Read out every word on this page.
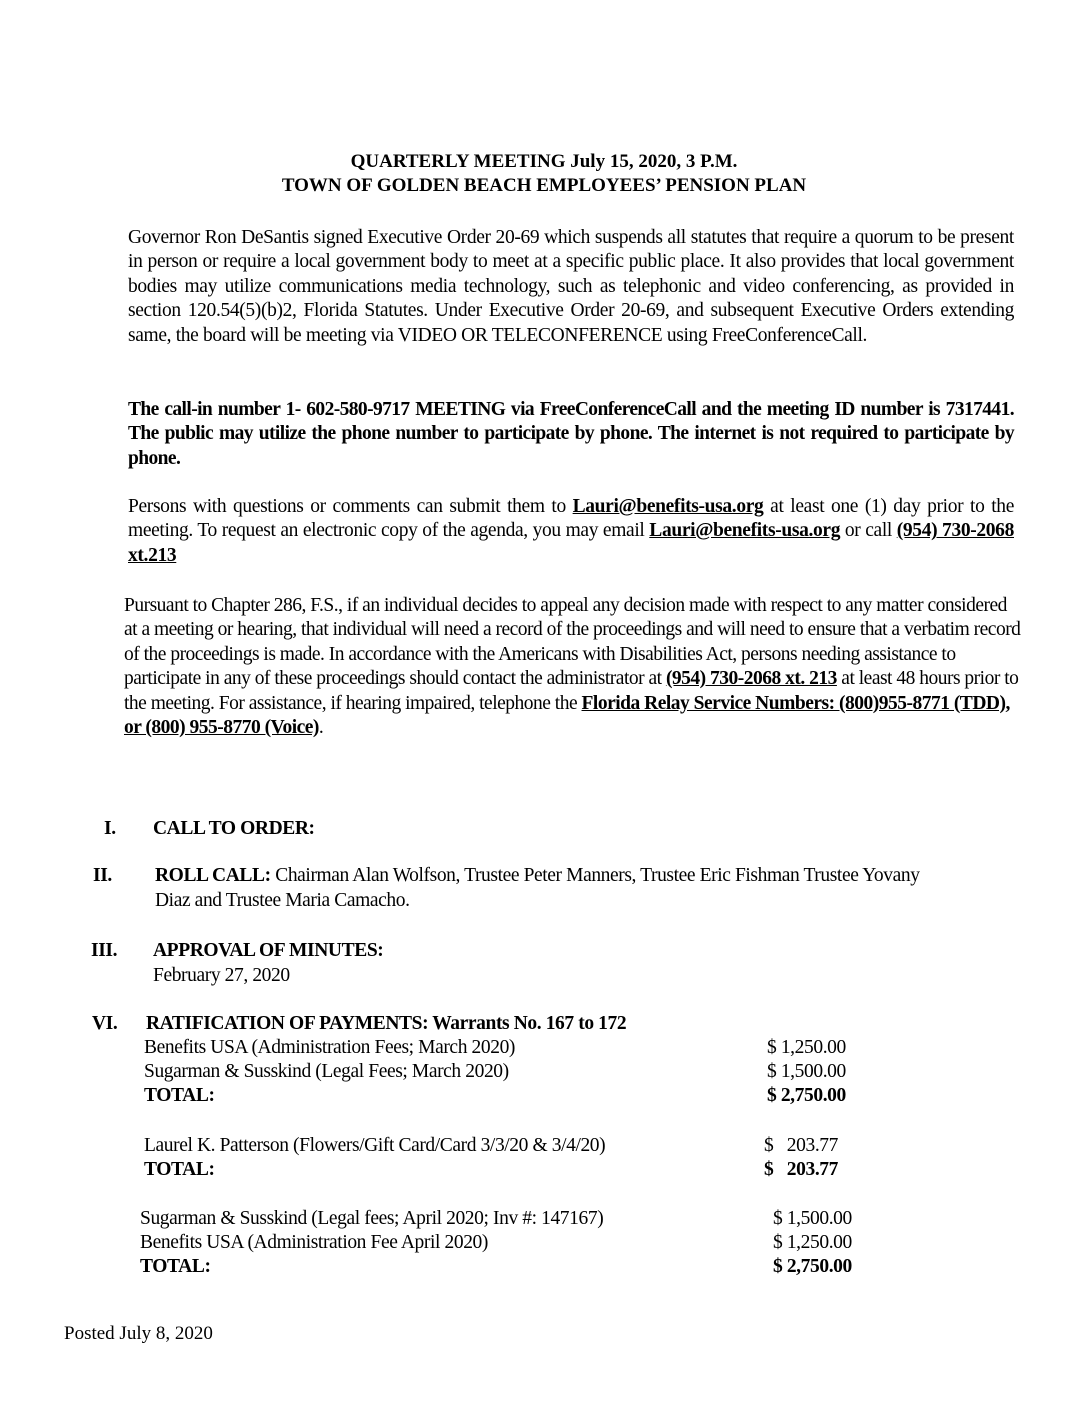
QUARTERLY MEETING July 15, 2020, 3 P.M.
TOWN OF GOLDEN BEACH EMPLOYEES’ PENSION PLAN
Governor Ron DeSantis signed Executive Order 20-69 which suspends all statutes that require a quorum to be present in person or require a local government body to meet at a specific public place. It also provides that local government bodies may utilize communications media technology, such as telephonic and video conferencing, as provided in section 120.54(5)(b)2, Florida Statutes. Under Executive Order 20-69, and subsequent Executive Orders extending same, the board will be meeting via VIDEO OR TELECONFERENCE using FreeConferenceCall.
The call-in number 1- 602-580-9717 MEETING via FreeConferenceCall and the meeting ID number is 7317441. The public may utilize the phone number to participate by phone. The internet is not required to participate by phone.
Persons with questions or comments can submit them to Lauri@benefits-usa.org at least one (1) day prior to the meeting. To request an electronic copy of the agenda, you may email Lauri@benefits-usa.org or call (954) 730-2068 xt.213
Pursuant to Chapter 286, F.S., if an individual decides to appeal any decision made with respect to any matter considered at a meeting or hearing, that individual will need a record of the proceedings and will need to ensure that a verbatim record of the proceedings is made. In accordance with the Americans with Disabilities Act, persons needing assistance to participate in any of these proceedings should contact the administrator at (954) 730-2068 xt. 213 at least 48 hours prior to the meeting. For assistance, if hearing impaired, telephone the Florida Relay Service Numbers: (800)955-8771 (TDD), or (800) 955-8770 (Voice).
I. CALL TO ORDER:
II. ROLL CALL: Chairman Alan Wolfson, Trustee Peter Manners, Trustee Eric Fishman Trustee Yovany Diaz and Trustee Maria Camacho.
III. APPROVAL OF MINUTES:
February 27, 2020
VI. RATIFICATION OF PAYMENTS: Warrants No. 167 to 172
Benefits USA (Administration Fees; March 2020)	$ 1,250.00
Sugarman & Susskind (Legal Fees; March 2020)	$ 1,500.00
TOTAL:	$ 2,750.00
Laurel K. Patterson (Flowers/Gift Card/Card 3/3/20 & 3/4/20)	$   203.77
TOTAL:	$   203.77
Sugarman & Susskind (Legal fees; April 2020; Inv #: 147167)	$ 1,500.00
Benefits USA (Administration Fee April 2020)	$ 1,250.00
TOTAL:	$ 2,750.00
Posted July 8, 2020
